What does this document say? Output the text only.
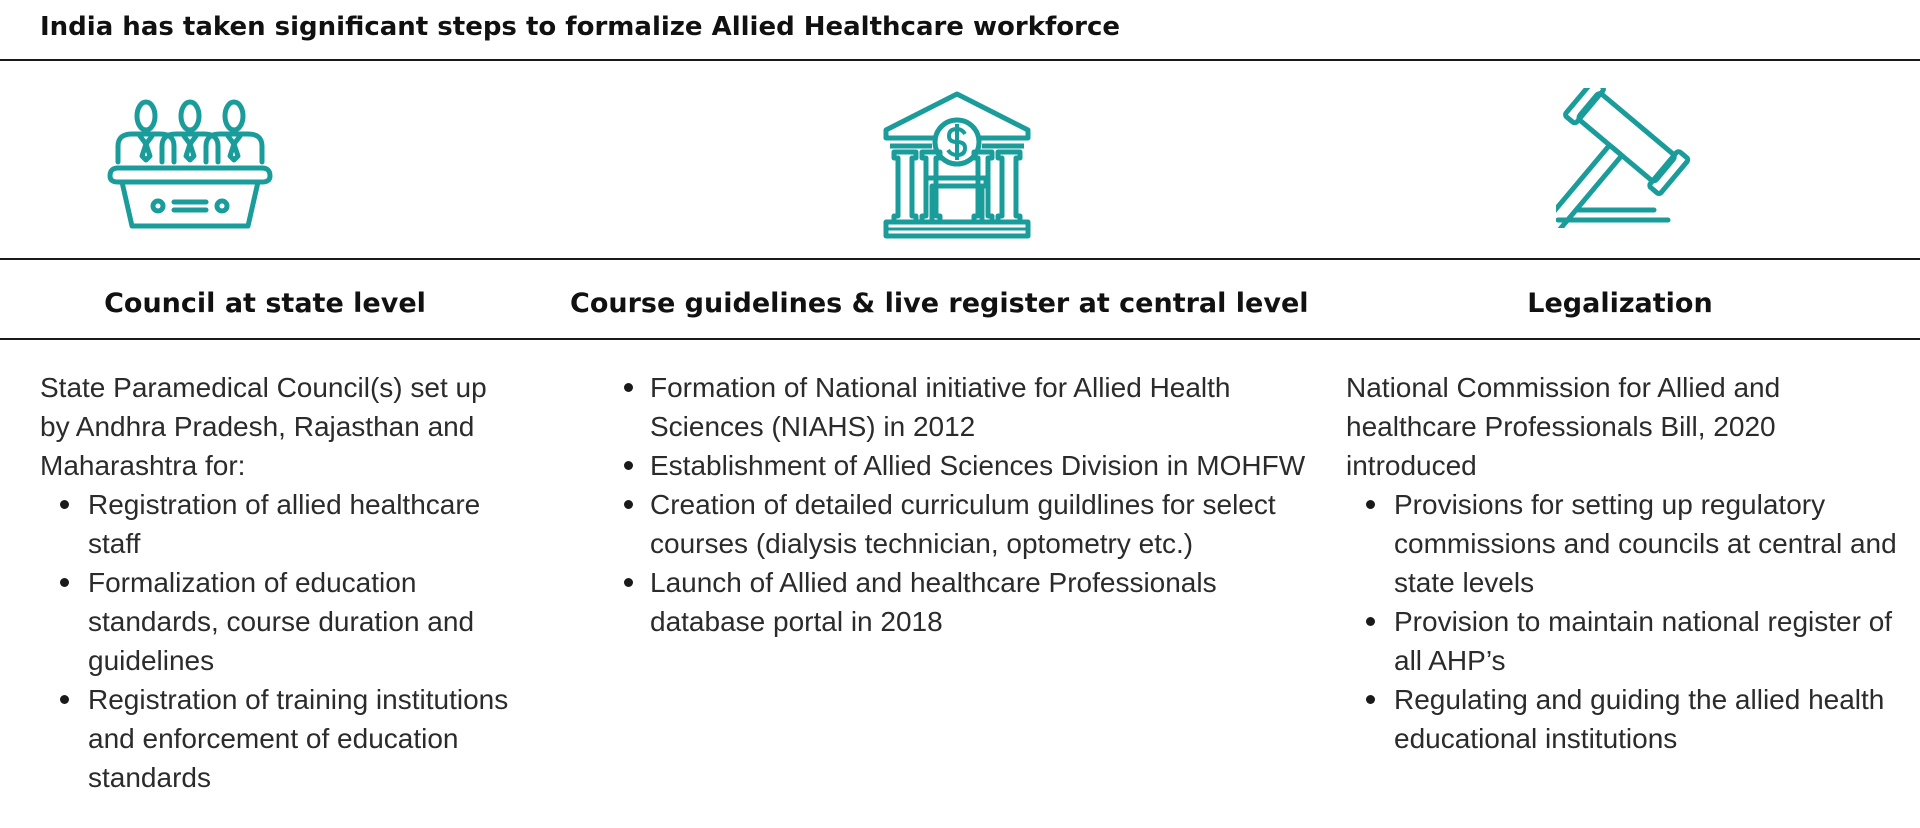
India has taken significant steps to formalize Allied Healthcare workforce
Council at state level	Course guidelines & live register at central level	Legalization

State Paramedical Council(s) set up by Andhra Pradesh, Rajasthan and Maharashtra for:

Registration of allied healthcare staff
Formalization of education standards, course duration and guidelines
Registration of training institutions and enforcement of education standards
Formation of National initiative for Allied Health Sciences (NIAHS) in 2012
Establishment of Allied Sciences Division in MOHFW
Creation of detailed curriculum guildlines for select courses (dialysis technician, optometry etc.)
Launch of Allied and healthcare Professionals database portal in 2018

National Commission for Allied and healthcare Professionals Bill, 2020 introduced

Provisions for setting up regulatory commissions and councils at central and state levels
Provision to maintain national register of all AHP’s
Regulating and guiding the allied health educational institutions
